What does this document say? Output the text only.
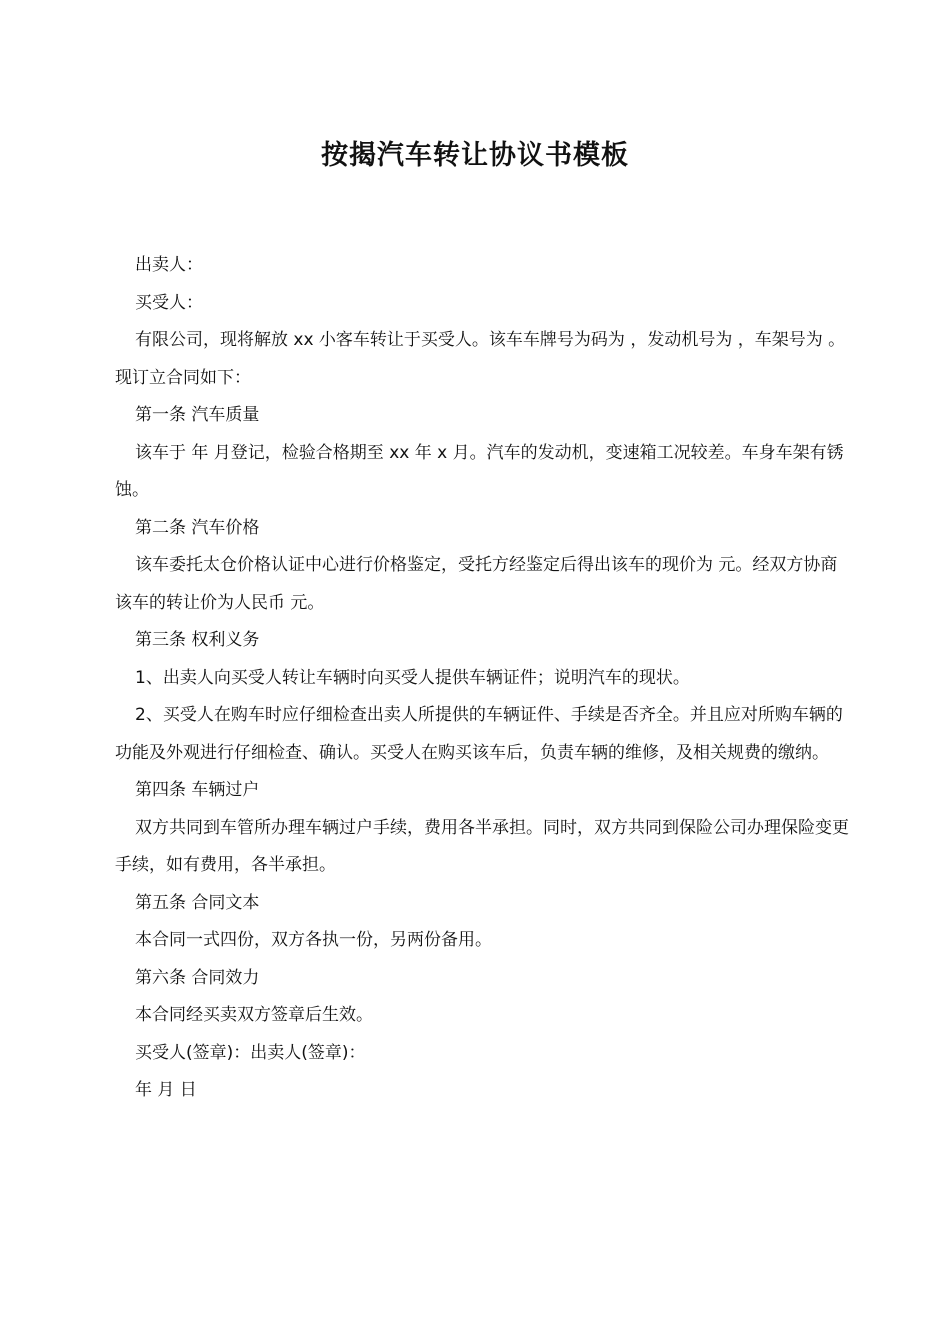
按揭汽车转让协议书模板

出卖人：

买受人：

有限公司，现将解放 xx 小客车转让于买受人。该车车牌号为码为 ，发动机号为 ，车架号为 。现订立合同如下：

第一条 汽车质量

该车于 年 月登记，检验合格期至 xx 年 x 月。汽车的发动机，变速箱工况较差。车身车架有锈蚀。

第二条 汽车价格

该车委托太仓价格认证中心进行价格鉴定，受托方经鉴定后得出该车的现价为 元。经双方协商该车的转让价为人民币 元。

第三条 权利义务

1、出卖人向买受人转让车辆时向买受人提供车辆证件；说明汽车的现状。

2、买受人在购车时应仔细检查出卖人所提供的车辆证件、手续是否齐全。并且应对所购车辆的功能及外观进行仔细检查、确认。买受人在购买该车后，负责车辆的维修，及相关规费的缴纳。

第四条 车辆过户

双方共同到车管所办理车辆过户手续，费用各半承担。同时，双方共同到保险公司办理保险变更手续，如有费用，各半承担。

第五条 合同文本

本合同一式四份，双方各执一份，另两份备用。

第六条 合同效力

本合同经买卖双方签章后生效。

买受人(签章)：出卖人(签章)：

年 月 日
